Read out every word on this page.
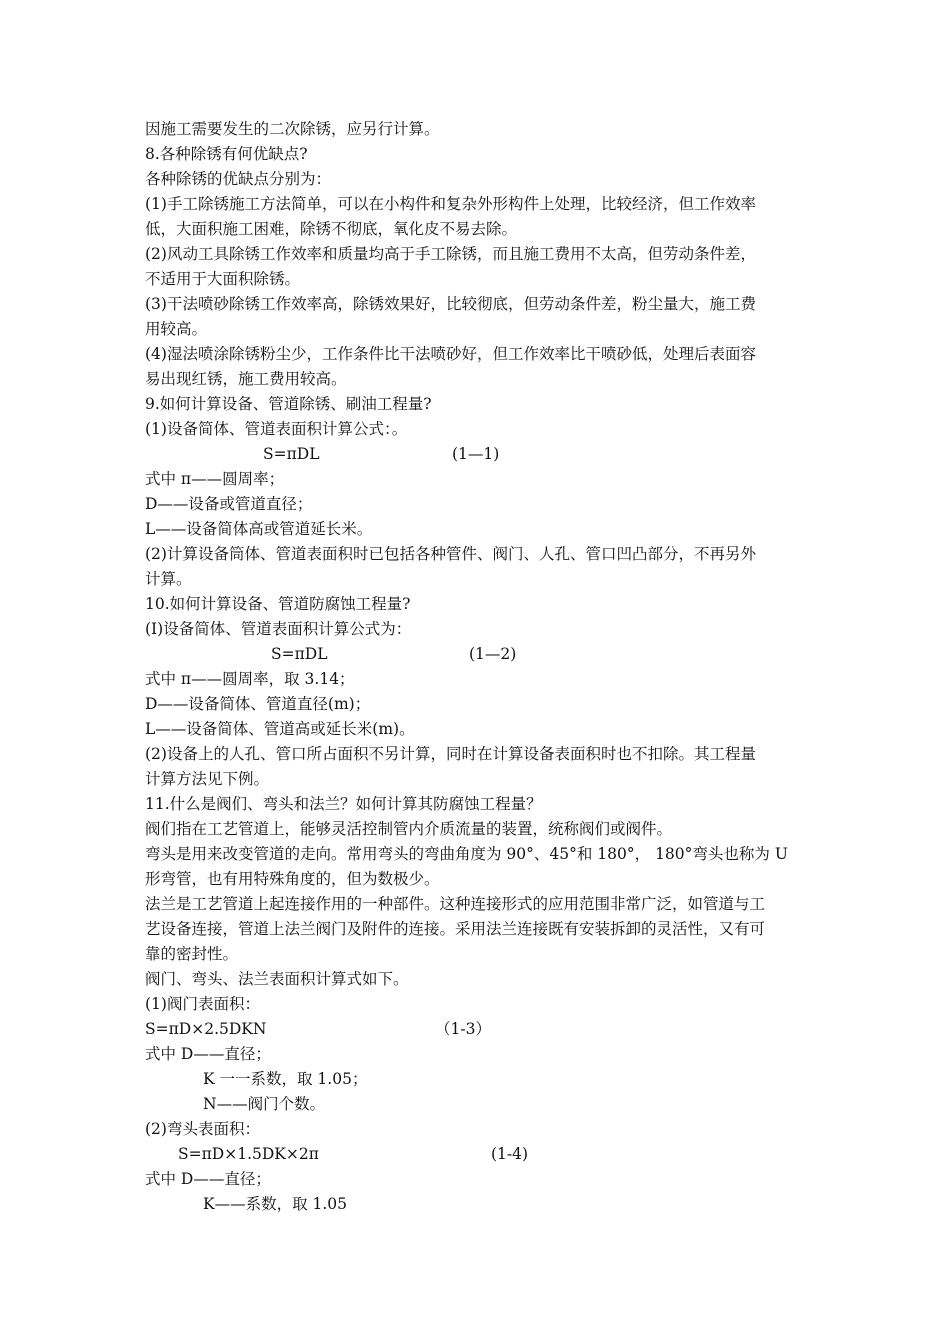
因施工需要发生的二次除锈，应另行计算。

8.各种除锈有何优缺点?

各种除锈的优缺点分别为：

(1)手工除锈施工方法简单，可以在小构件和复杂外形构件上处理，比较经济，但工作效率

低，大面积施工困难，除锈不彻底，氧化皮不易去除。

(2)风动工具除锈工作效率和质量均高于手工除锈，而且施工费用不太高，但劳动条件差，

不适用于大面积除锈。

(3)干法喷砂除锈工作效率高，除锈效果好，比较彻底，但劳动条件差，粉尘量大，施工费

用较高。

(4)湿法喷涂除锈粉尘少，工作条件比干法喷砂好，但工作效率比干喷砂低，处理后表面容

易出现红锈，施工费用较高。

9.如何计算设备、管道除锈、刷油工程量?

(1)设备简体、管道表面积计算公式：。

S=πDL	(1—1)

式中 π——圆周率；

D——设备或管道直径；

L——设备简体高或管道延长米。

(2)计算设备筒体、管道表面积时已包括各种管件、阀门、人孔、管口凹凸部分，不再另外

计算。

10.如何计算设备、管道防腐蚀工程量?

(I)设备简体、管道表面积计算公式为：

S=πDL	(1—2)

式中 π——圆周率，取 3.14；

D——设备简体、管道直径(m)；

L——设备简体、管道高或延长米(m)。

(2)设备上的人孔、管口所占面积不另计算，同时在计算设备表面积时也不扣除。其工程量

计算方法见下例。

11.什么是阀们、弯头和法兰？如何计算其防腐蚀工程量？

阀们指在工艺管道上，能够灵活控制管内介质流量的装置，统称阀们或阀件。

弯头是用来改变管道的走向。常用弯头的弯曲角度为 90°、45°和 180°， 180°弯头也称为 U

形弯管，也有用特殊角度的，但为数极少。

法兰是工艺管道上起连接作用的一种部件。这种连接形式的应用范围非常广泛，如管道与工

艺设备连接，管道上法兰阀门及附件的连接。采用法兰连接既有安装拆卸的灵活性，又有可

靠的密封性。

阀门、弯头、法兰表面积计算式如下。

(1)阀门表面积：

S=πD×2.5DKN	（1-3）

式中 D——直径；

K 一一系数，取 1.05；

N——阀门个数。

(2)弯头表面积：

S=πD×1.5DK×2π	(1-4)

式中 D——直径；

K——系数，取 1.05
